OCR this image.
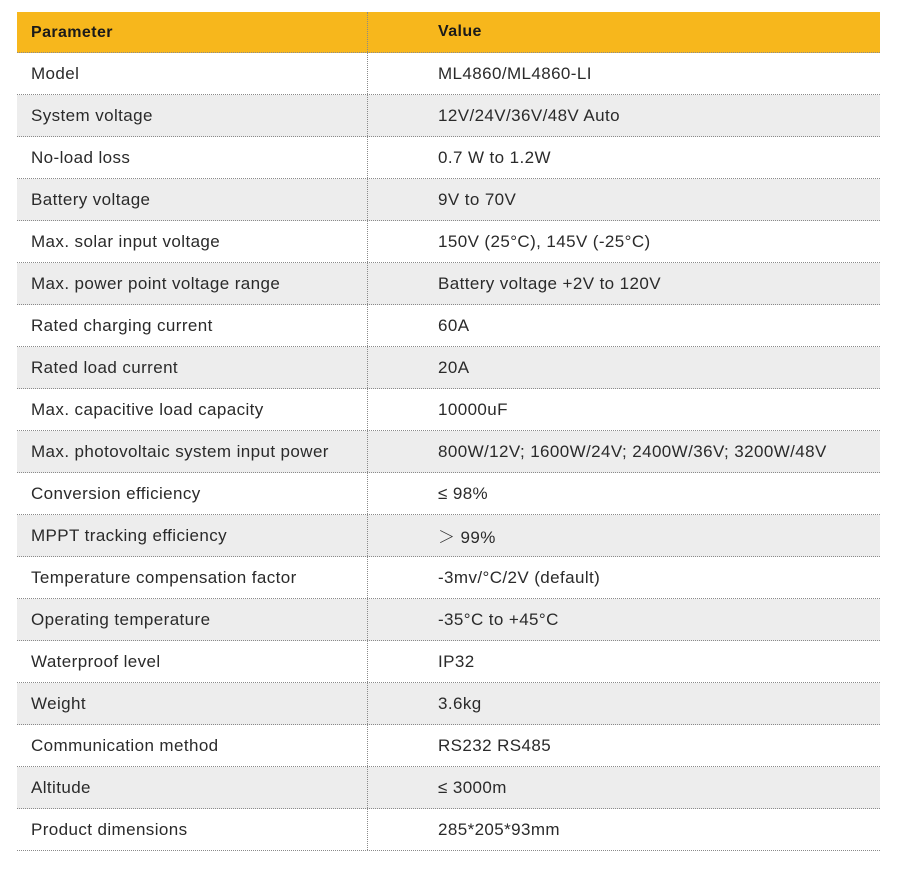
Parameter	Value
Model	ML4860/ML4860-LI
System voltage	12V/24V/36V/48V Auto
No-load loss	0.7 W to 1.2W
Battery voltage	9V to 70V
Max. solar input voltage	150V (25°C), 145V (-25°C)
Max. power point voltage range	Battery voltage +2V to 120V
Rated charging current	60A
Rated load current	20A
Max. capacitive load capacity	10000uF
Max. photovoltaic system input power	800W/12V; 1600W/24V; 2400W/36V; 3200W/48V
Conversion efficiency	≤ 98%
MPPT tracking efficiency	＞ 99%
Temperature compensation factor	-3mv/°C/2V (default)
Operating temperature	-35°C to +45°C
Waterproof level	IP32
Weight	3.6kg
Communication method	RS232 RS485
Altitude	≤ 3000m
Product dimensions	285*205*93mm
